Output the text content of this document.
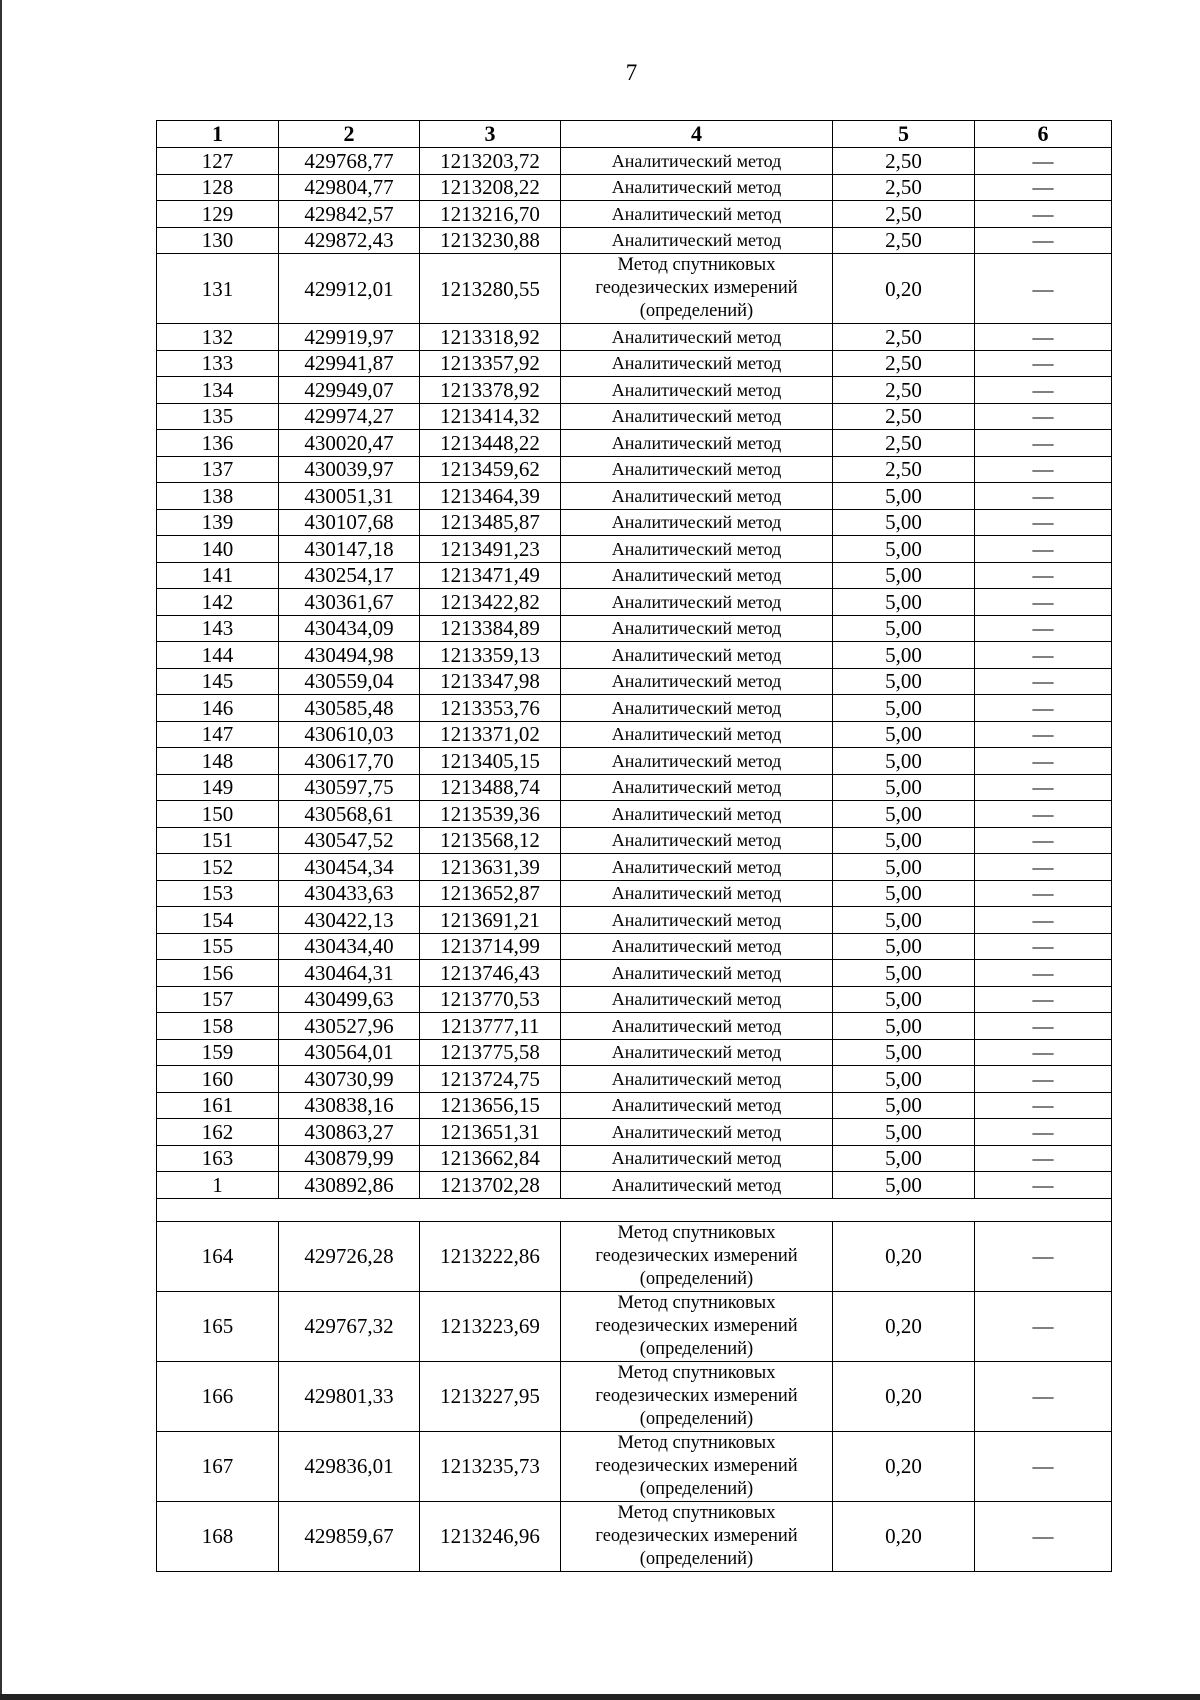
7
1	2	3	4	5	6
127	429768,77	1213203,72	Аналитический метод	2,50	—
128	429804,77	1213208,22	Аналитический метод	2,50	—
129	429842,57	1213216,70	Аналитический метод	2,50	—
130	429872,43	1213230,88	Аналитический метод	2,50	—
131	429912,01	1213280,55	Метод спутниковых геодезических измерений (определений)	0,20	—
132	429919,97	1213318,92	Аналитический метод	2,50	—
133	429941,87	1213357,92	Аналитический метод	2,50	—
134	429949,07	1213378,92	Аналитический метод	2,50	—
135	429974,27	1213414,32	Аналитический метод	2,50	—
136	430020,47	1213448,22	Аналитический метод	2,50	—
137	430039,97	1213459,62	Аналитический метод	2,50	—
138	430051,31	1213464,39	Аналитический метод	5,00	—
139	430107,68	1213485,87	Аналитический метод	5,00	—
140	430147,18	1213491,23	Аналитический метод	5,00	—
141	430254,17	1213471,49	Аналитический метод	5,00	—
142	430361,67	1213422,82	Аналитический метод	5,00	—
143	430434,09	1213384,89	Аналитический метод	5,00	—
144	430494,98	1213359,13	Аналитический метод	5,00	—
145	430559,04	1213347,98	Аналитический метод	5,00	—
146	430585,48	1213353,76	Аналитический метод	5,00	—
147	430610,03	1213371,02	Аналитический метод	5,00	—
148	430617,70	1213405,15	Аналитический метод	5,00	—
149	430597,75	1213488,74	Аналитический метод	5,00	—
150	430568,61	1213539,36	Аналитический метод	5,00	—
151	430547,52	1213568,12	Аналитический метод	5,00	—
152	430454,34	1213631,39	Аналитический метод	5,00	—
153	430433,63	1213652,87	Аналитический метод	5,00	—
154	430422,13	1213691,21	Аналитический метод	5,00	—
155	430434,40	1213714,99	Аналитический метод	5,00	—
156	430464,31	1213746,43	Аналитический метод	5,00	—
157	430499,63	1213770,53	Аналитический метод	5,00	—
158	430527,96	1213777,11	Аналитический метод	5,00	—
159	430564,01	1213775,58	Аналитический метод	5,00	—
160	430730,99	1213724,75	Аналитический метод	5,00	—
161	430838,16	1213656,15	Аналитический метод	5,00	—
162	430863,27	1213651,31	Аналитический метод	5,00	—
163	430879,99	1213662,84	Аналитический метод	5,00	—
1	430892,86	1213702,28	Аналитический метод	5,00	—

164	429726,28	1213222,86	Метод спутниковых геодезических измерений (определений)	0,20	—
165	429767,32	1213223,69	Метод спутниковых геодезических измерений (определений)	0,20	—
166	429801,33	1213227,95	Метод спутниковых геодезических измерений (определений)	0,20	—
167	429836,01	1213235,73	Метод спутниковых геодезических измерений (определений)	0,20	—
168	429859,67	1213246,96	Метод спутниковых геодезических измерений (определений)	0,20	—
